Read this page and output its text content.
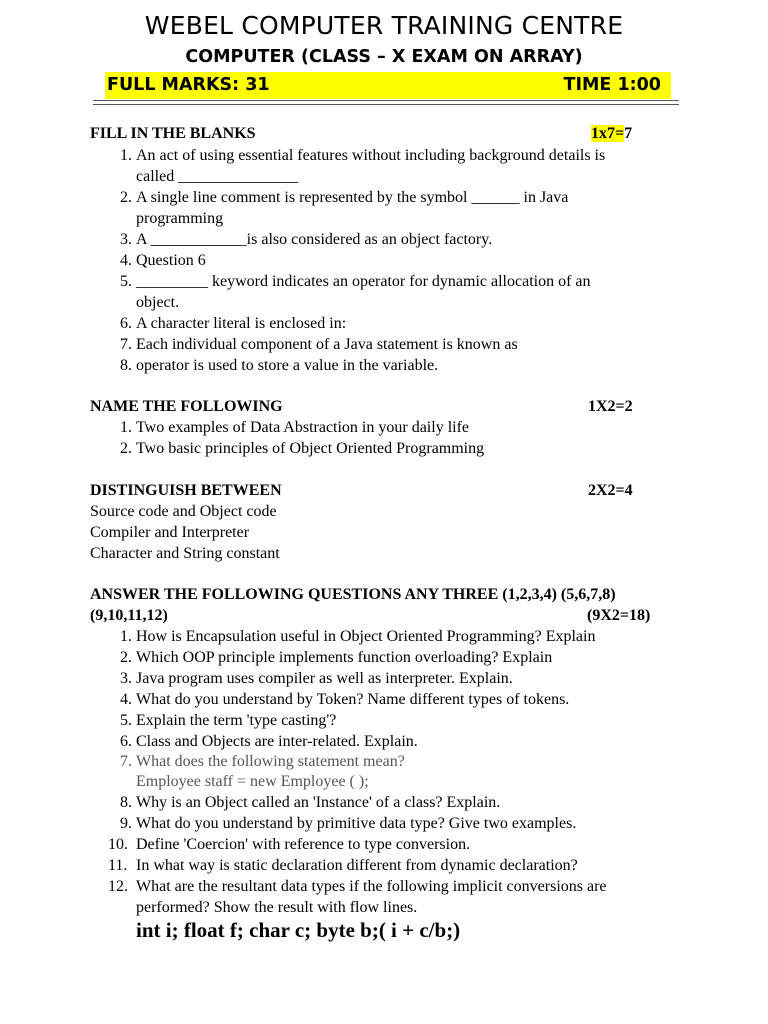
WEBEL COMPUTER TRAINING CENTRE
COMPUTER (CLASS – X EXAM ON ARRAY)
FULL MARKS: 31	TIME 1:00
FILL IN THE BLANKS	1x7=7
1. An act of using essential features without including background details is
called _______________
2. A single line comment is represented by the symbol ______ in Java
programming
3. A ____________is also considered as an object factory.
4. Question 6
5. _________ keyword indicates an operator for dynamic allocation of an
object.
6. A character literal is enclosed in:
7. Each individual component of a Java statement is known as
8. operator is used to store a value in the variable.
NAME THE FOLLOWING	1X2=2
1. Two examples of Data Abstraction in your daily life
2. Two basic principles of Object Oriented Programming
DISTINGUISH BETWEEN	2X2=4
Source code and Object code
Compiler and Interpreter
Character and String constant
ANSWER THE FOLLOWING QUESTIONS ANY THREE (1,2,3,4) (5,6,7,8)
(9,10,11,12)	(9X2=18)
1. How is Encapsulation useful in Object Oriented Programming? Explain
2. Which OOP principle implements function overloading? Explain
3. Java program uses compiler as well as interpreter. Explain.
4. What do you understand by Token? Name different types of tokens.
5. Explain the term 'type casting'?
6. Class and Objects are inter-related. Explain.
7. What does the following statement mean?
Employee staff = new Employee ( );
8. Why is an Object called an 'Instance' of a class? Explain.
9. What do you understand by primitive data type? Give two examples.
10. Define 'Coercion' with reference to type conversion.
11. In what way is static declaration different from dynamic declaration?
12. What are the resultant data types if the following implicit conversions are
performed? Show the result with flow lines.
int i; float f; char c; byte b;( i + c/b;)
